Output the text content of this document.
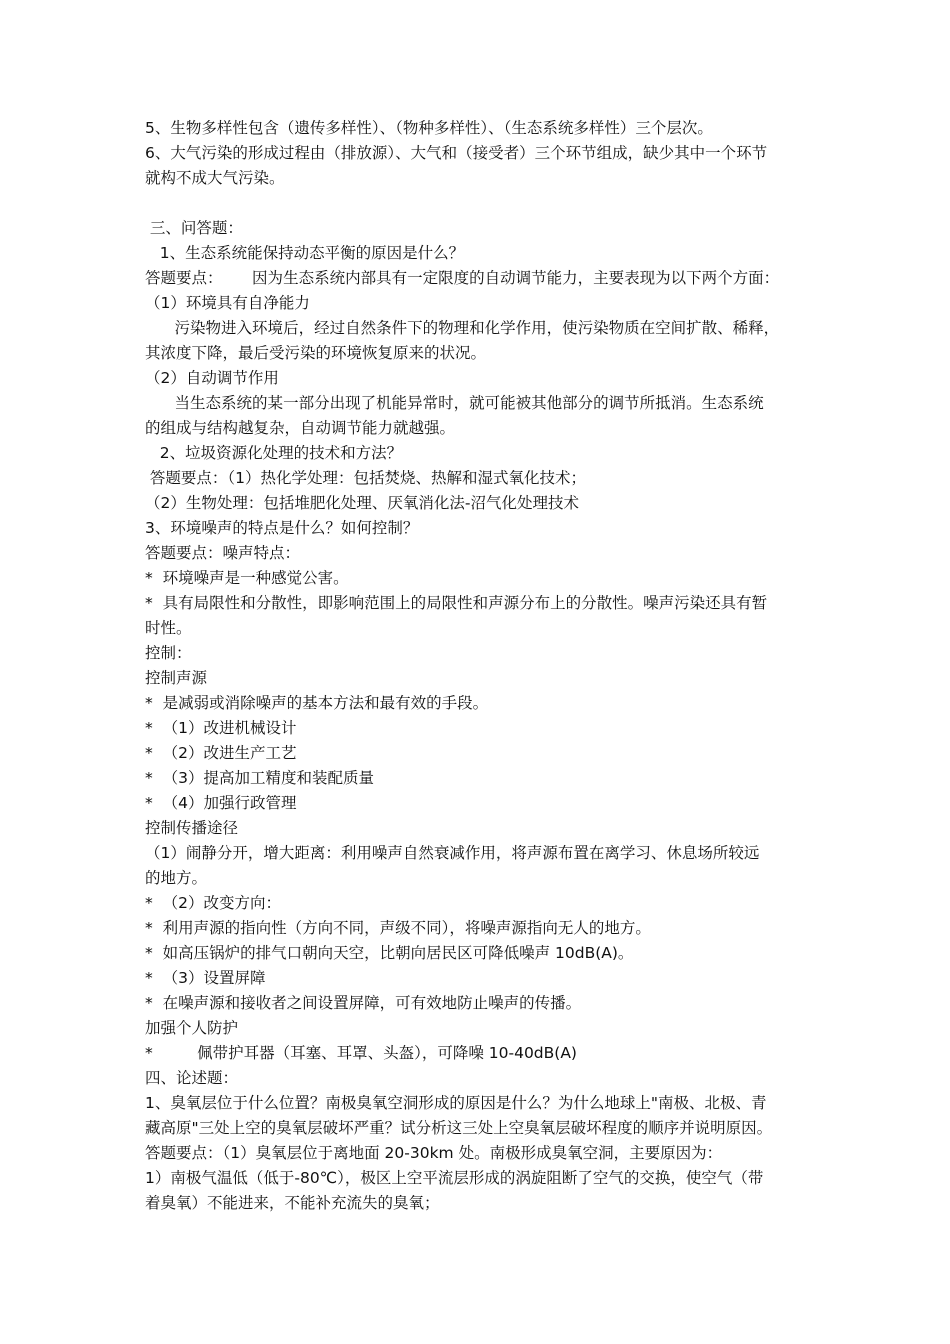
5、生物多样性包含（遗传多样性）、（物种多样性）、（生态系统多样性）三个层次。
6、大气污染的形成过程由（排放源）、大气和（接受者）三个环节组成，缺少其中一个环节
就构不成大气污染。
三、问答题：
1、生态系统能保持动态平衡的原因是什么？
答题要点：      因为生态系统内部具有一定限度的自动调节能力，主要表现为以下两个方面：
（1）环境具有自净能力
污染物进入环境后，经过自然条件下的物理和化学作用，使污染物质在空间扩散、稀释，
其浓度下降，最后受污染的环境恢复原来的状况。
（2）自动调节作用
当生态系统的某一部分出现了机能异常时，就可能被其他部分的调节所抵消。生态系统
的组成与结构越复杂，自动调节能力就越强。
2、垃圾资源化处理的技术和方法？
答题要点：（1）热化学处理：包括焚烧、热解和湿式氧化技术；
（2）生物处理：包括堆肥化处理、厌氧消化法-沼气化处理技术
3、环境噪声的特点是什么？如何控制？
答题要点：噪声特点：
*  环境噪声是一种感觉公害。
*  具有局限性和分散性，即影响范围上的局限性和声源分布上的分散性。噪声污染还具有暂
时性。
控制：
控制声源
*  是减弱或消除噪声的基本方法和最有效的手段。
*  （1）改进机械设计
*  （2）改进生产工艺
*  （3）提高加工精度和装配质量
*  （4）加强行政管理
控制传播途径
（1）闹静分开，增大距离：利用噪声自然衰减作用，将声源布置在离学习、休息场所较远
的地方。
*  （2）改变方向：
*  利用声源的指向性（方向不同，声级不同），将噪声源指向无人的地方。
*  如高压锅炉的排气口朝向天空，比朝向居民区可降低噪声 10dB(A)。
*  （3）设置屏障
*  在噪声源和接收者之间设置屏障，可有效地防止噪声的传播。
加强个人防护
*         佩带护耳器（耳塞、耳罩、头盔），可降噪 10-40dB(A)
四、论述题：
1、臭氧层位于什么位置？南极臭氧空洞形成的原因是什么？为什么地球上"南极、北极、青
藏高原"三处上空的臭氧层破坏严重？试分析这三处上空臭氧层破坏程度的顺序并说明原因。
答题要点：（1）臭氧层位于离地面 20-30km 处。南极形成臭氧空洞，主要原因为：
1）南极气温低（低于-80℃），极区上空平流层形成的涡旋阻断了空气的交换，使空气（带
着臭氧）不能进来，不能补充流失的臭氧；
